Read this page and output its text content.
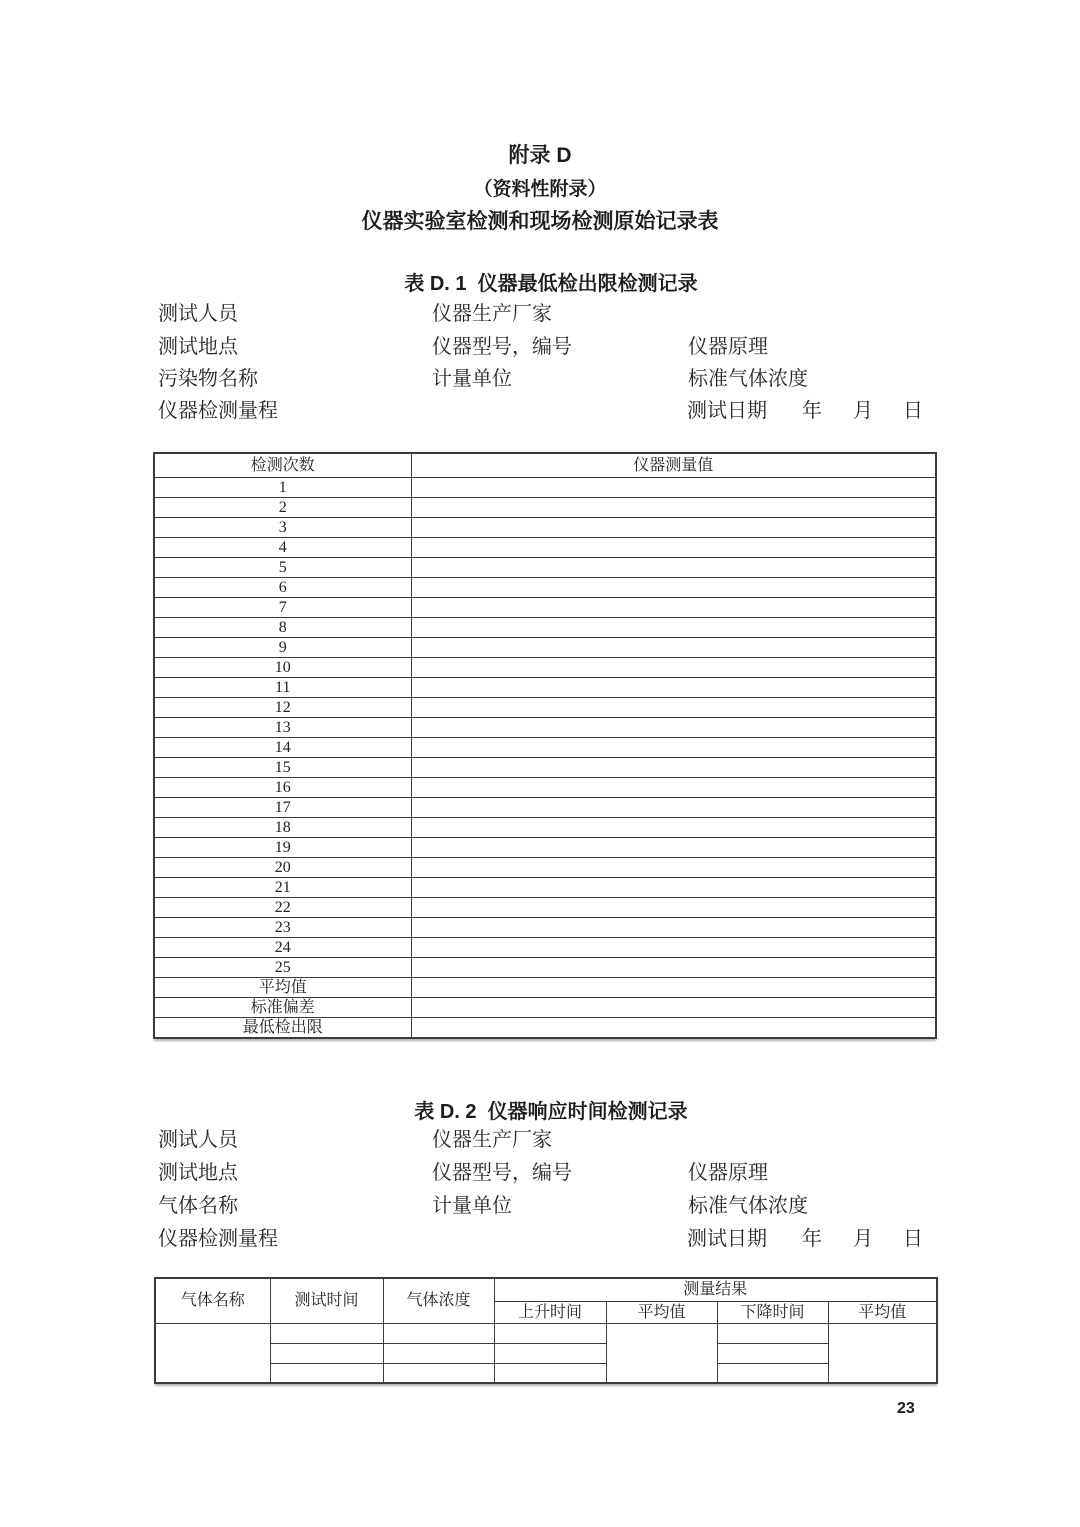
附录 D
（资料性附录）
仪器实验室检测和现场检测原始记录表
表 D. 1  仪器最低检出限检测记录
测试人员	仪器生产厂家
测试地点	仪器型号，编号	仪器原理
污染物名称	计量单位	标准气体浓度
仪器检测量程	测试日期 年 月 日
检测次数	仪器测量值
1	
2	
3	
4	
5	
6	
7	
8	
9	
10	
11	
12	
13	
14	
15	
16	
17	
18	
19	
20	
21	
22	
23	
24	
25	
平均值	
标准偏差	
最低检出限	
表 D. 2  仪器响应时间检测记录
测试人员	仪器生产厂家
测试地点	仪器型号，编号	仪器原理
气体名称	计量单位	标准气体浓度
仪器检测量程	测试日期 年 月 日
气体名称	测试时间	气体浓度	测量结果			
			上升时间	平均值	下降时间	平均值

23
